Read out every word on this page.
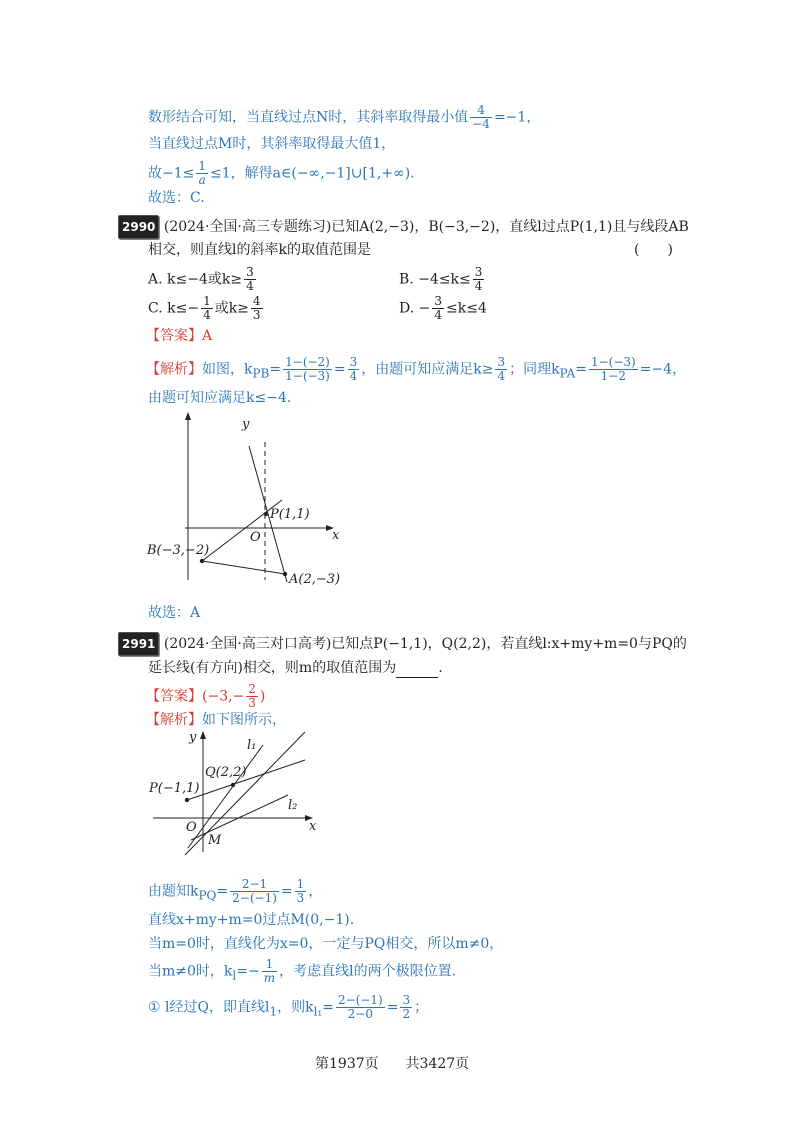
数形结合可知，当直线过点N时，其斜率取得最小值 $\frac{4}{-4} =-1$，
当直线过点M时，其斜率取得最大值1，
故$-1\le \frac{1}{a} \le 1$，解得a∈(−∞,−1]∪[1,+∞).
故选：C.
2990 (2024·全国·高三专题练习)已知A(2,−3)，B(−3,−2)，直线l过点P(1,1)且与线段AB
相交，则直线l的斜率k的取值范围是	(　　)
A. k≤−4或$k\ge \frac{3}{4}$	B. $-4\le k\le \frac{3}{4}$
C. $k\le- \frac{1}{4}$ 或$k\ge \frac{4}{3}$	D. − $\frac{3}{4} \le k\le 4$
【答案】A
【解析】如图，$k_{PB}= \frac{1-(-2)}{1-(-3)} = \frac{3}{4}$ ，由题可知应满足$k\ge \frac{3}{4}$ ；同理$k_{PA}= \frac{1-(-3)}{1-2} =-4$，
由题可知应满足k≤−4.
y
x
O
P(1,1)
B(−3,−2)
A(2,−3)
故选：A
2991 (2024·全国·高三对口高考)已知点P(−1,1)，Q(2,2)，若直线l:x+my+m=0与PQ的
延长线(有方向)相交，则m的取值范围为	.
【答案】($-3,- \frac{2}{3}$ )
【解析】如下图所示，
y
x
O
M
Q(2,2)
P(−1,1)
l₁
l₂
由题知$k_{PQ}= \frac{2-1}{2-(-1)} = \frac{1}{3}$ ，
直线x+my+m=0过点M(0,−1).
当m=0时，直线化为x=0，一定与PQ相交，所以m≠0，
当m≠0时，$k_l=- \frac{1}{m}$ ，考虑直线l的两个极限位置.
① l经过Q，即直线$l_1$，则$k_{l_1}= \frac{2-(-1)}{2-0} = \frac{3}{2}$ ；
第1937页 共3427页
